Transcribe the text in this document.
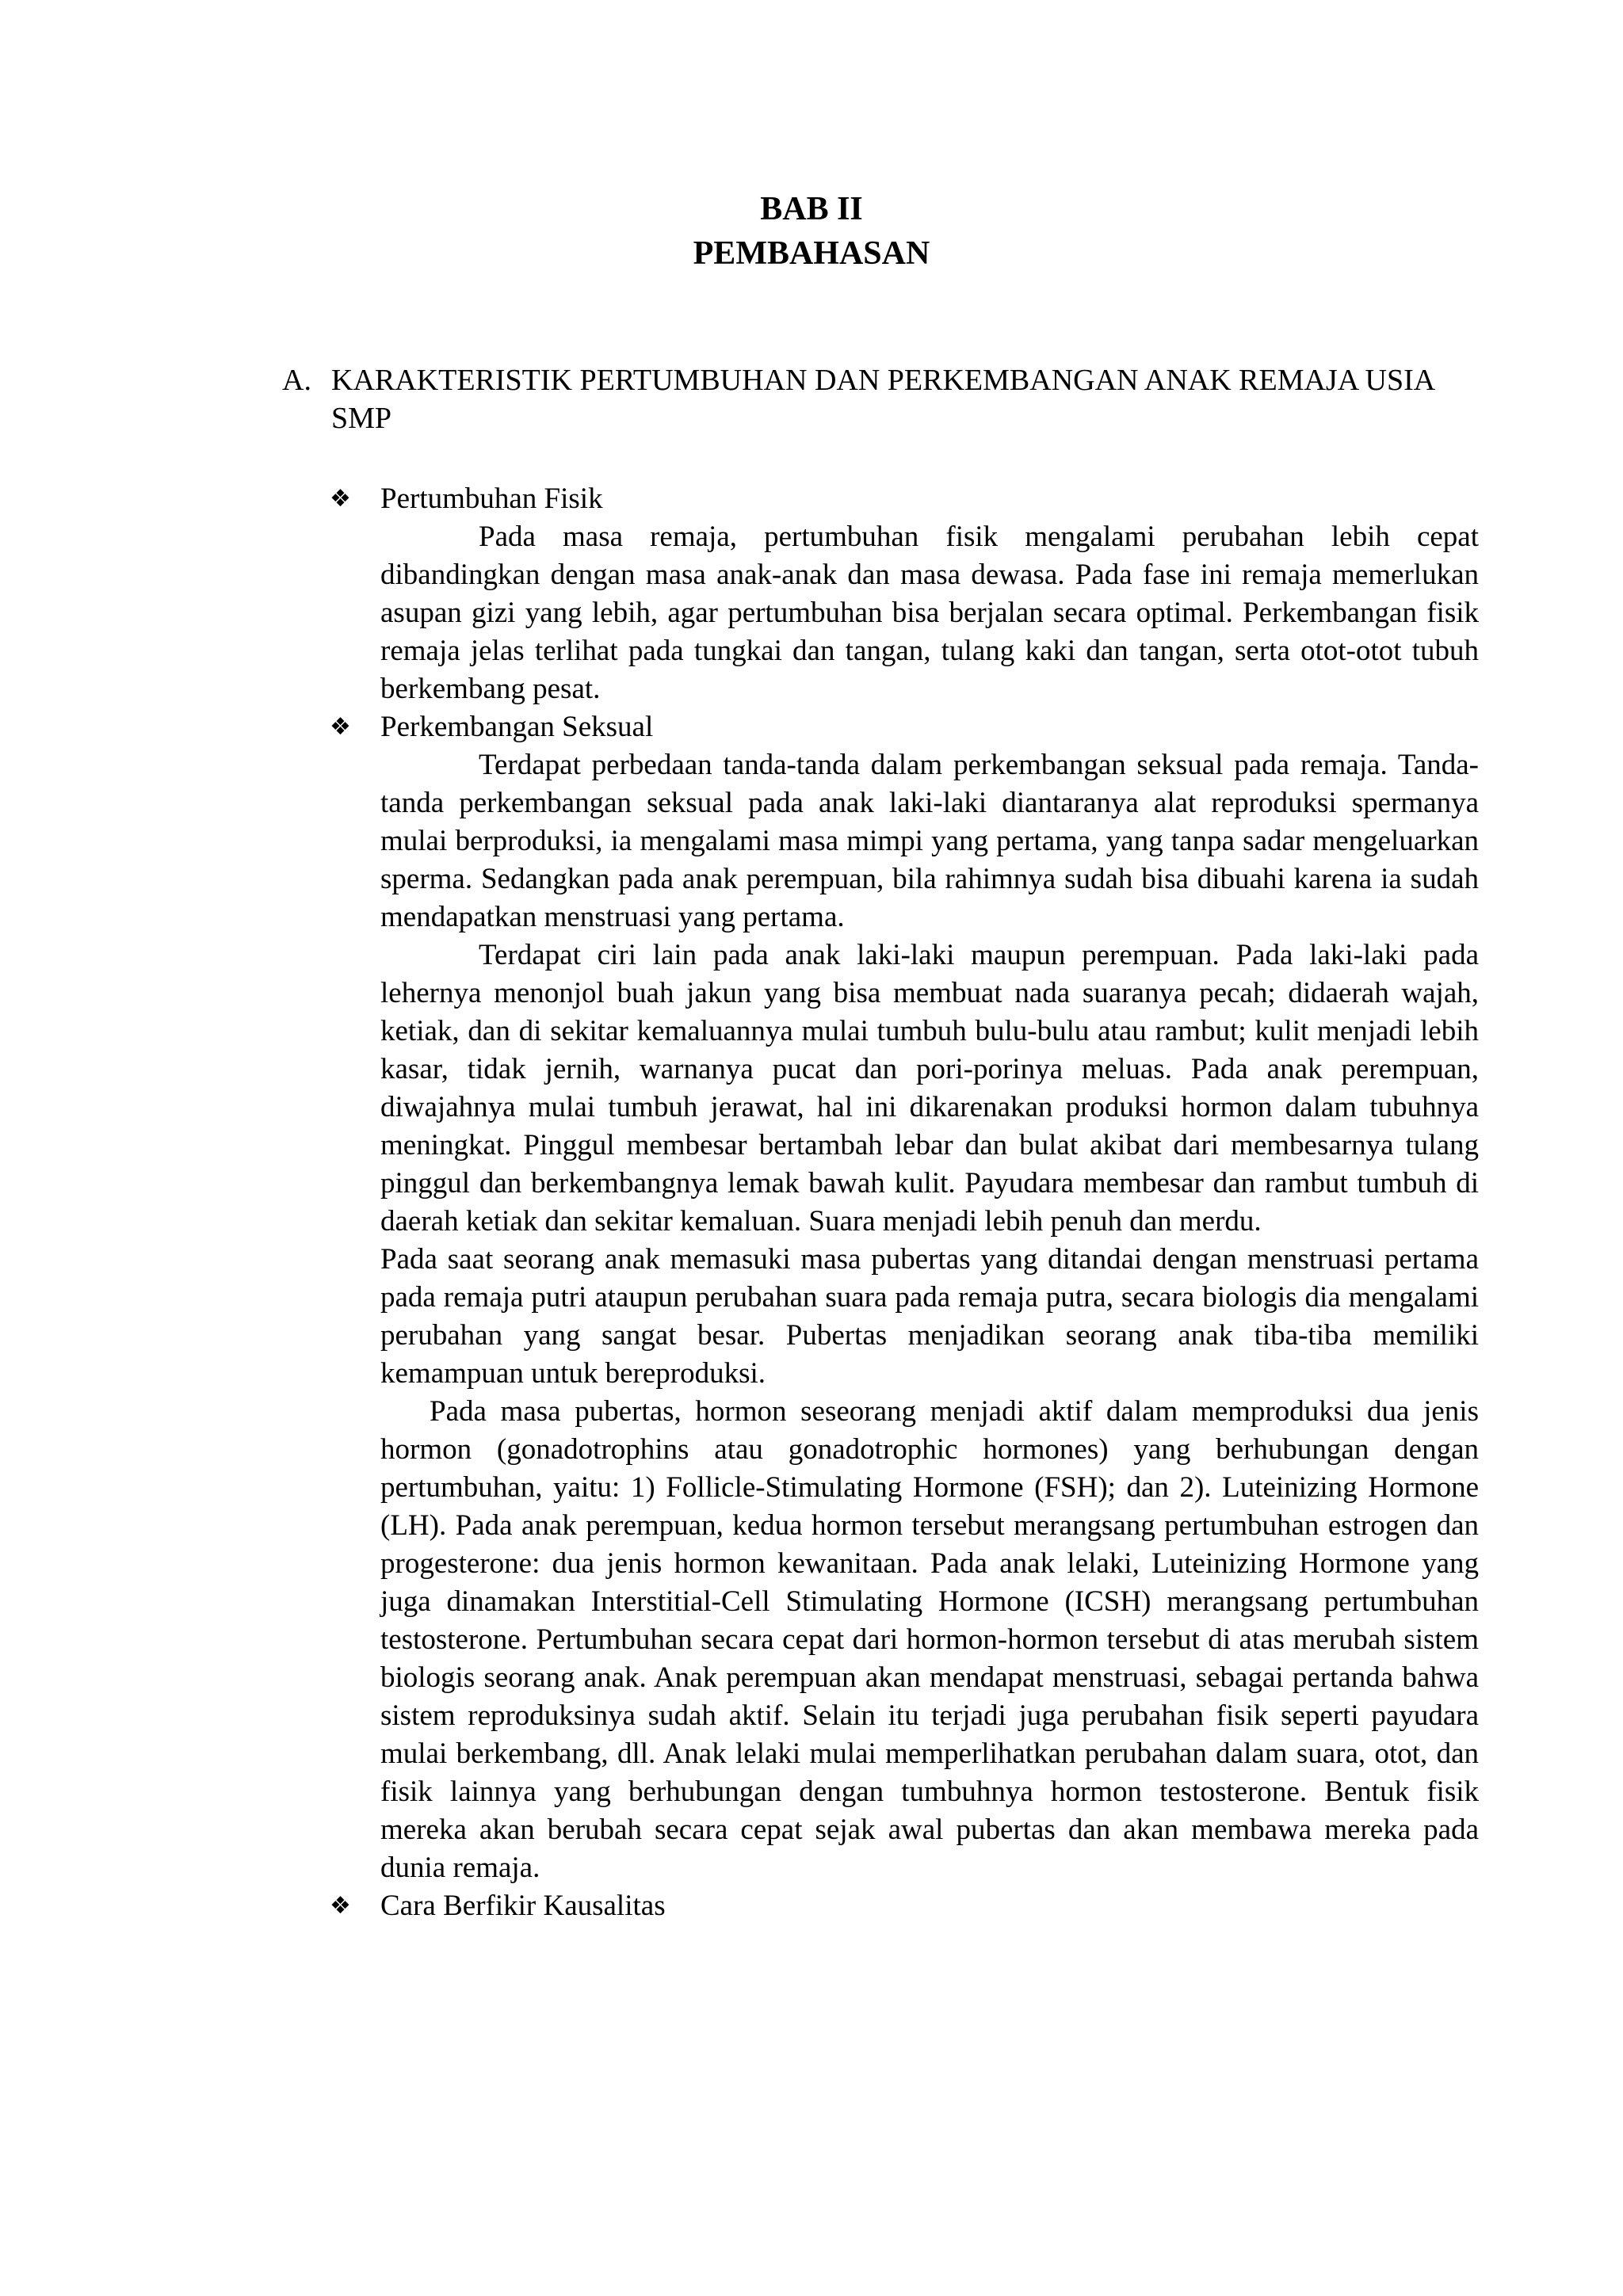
BAB II
PEMBAHASAN
A. KARAKTERISTIK PERTUMBUHAN DAN PERKEMBANGAN ANAK REMAJA USIA SMP
❖ Pertumbuhan Fisik

Pada masa remaja, pertumbuhan fisik mengalami perubahan lebih cepat dibandingkan dengan masa anak-anak dan masa dewasa. Pada fase ini remaja memerlukan asupan gizi yang lebih, agar pertumbuhan bisa berjalan secara optimal. Perkembangan fisik remaja jelas terlihat pada tungkai dan tangan, tulang kaki dan tangan, serta otot-otot tubuh berkembang pesat.

❖ Perkembangan Seksual

Terdapat perbedaan tanda-tanda dalam perkembangan seksual pada remaja. Tanda-tanda perkembangan seksual pada anak laki-laki diantaranya alat reproduksi spermanya mulai berproduksi, ia mengalami masa mimpi yang pertama, yang tanpa sadar mengeluarkan sperma. Sedangkan pada anak perempuan, bila rahimnya sudah bisa dibuahi karena ia sudah mendapatkan menstruasi yang pertama.

Terdapat ciri lain pada anak laki-laki maupun perempuan. Pada laki-laki pada lehernya menonjol buah jakun yang bisa membuat nada suaranya pecah; didaerah wajah, ketiak, dan di sekitar kemaluannya mulai tumbuh bulu-bulu atau rambut; kulit menjadi lebih kasar, tidak jernih, warnanya pucat dan pori-porinya meluas. Pada anak perempuan, diwajahnya mulai tumbuh jerawat, hal ini dikarenakan produksi hormon dalam tubuhnya meningkat. Pinggul membesar bertambah lebar dan bulat akibat dari membesarnya tulang pinggul dan berkembangnya lemak bawah kulit. Payudara membesar dan rambut tumbuh di daerah ketiak dan sekitar kemaluan. Suara menjadi lebih penuh dan merdu.

Pada saat seorang anak memasuki masa pubertas yang ditandai dengan menstruasi pertama pada remaja putri ataupun perubahan suara pada remaja putra, secara biologis dia mengalami perubahan yang sangat besar. Pubertas menjadikan seorang anak tiba-tiba memiliki kemampuan untuk bereproduksi.

Pada masa pubertas, hormon seseorang menjadi aktif dalam memproduksi dua jenis hormon (gonadotrophins atau gonadotrophic hormones) yang berhubungan dengan pertumbuhan, yaitu: 1) Follicle-Stimulating Hormone (FSH); dan 2). Luteinizing Hormone (LH). Pada anak perempuan, kedua hormon tersebut merangsang pertumbuhan estrogen dan progesterone: dua jenis hormon kewanitaan. Pada anak lelaki, Luteinizing Hormone yang juga dinamakan Interstitial-Cell Stimulating Hormone (ICSH) merangsang pertumbuhan testosterone. Pertumbuhan secara cepat dari hormon-hormon tersebut di atas merubah sistem biologis seorang anak. Anak perempuan akan mendapat menstruasi, sebagai pertanda bahwa sistem reproduksinya sudah aktif. Selain itu terjadi juga perubahan fisik seperti payudara mulai berkembang, dll. Anak lelaki mulai memperlihatkan perubahan dalam suara, otot, dan fisik lainnya yang berhubungan dengan tumbuhnya hormon testosterone. Bentuk fisik mereka akan berubah secara cepat sejak awal pubertas dan akan membawa mereka pada dunia remaja.

❖ Cara Berfikir Kausalitas
